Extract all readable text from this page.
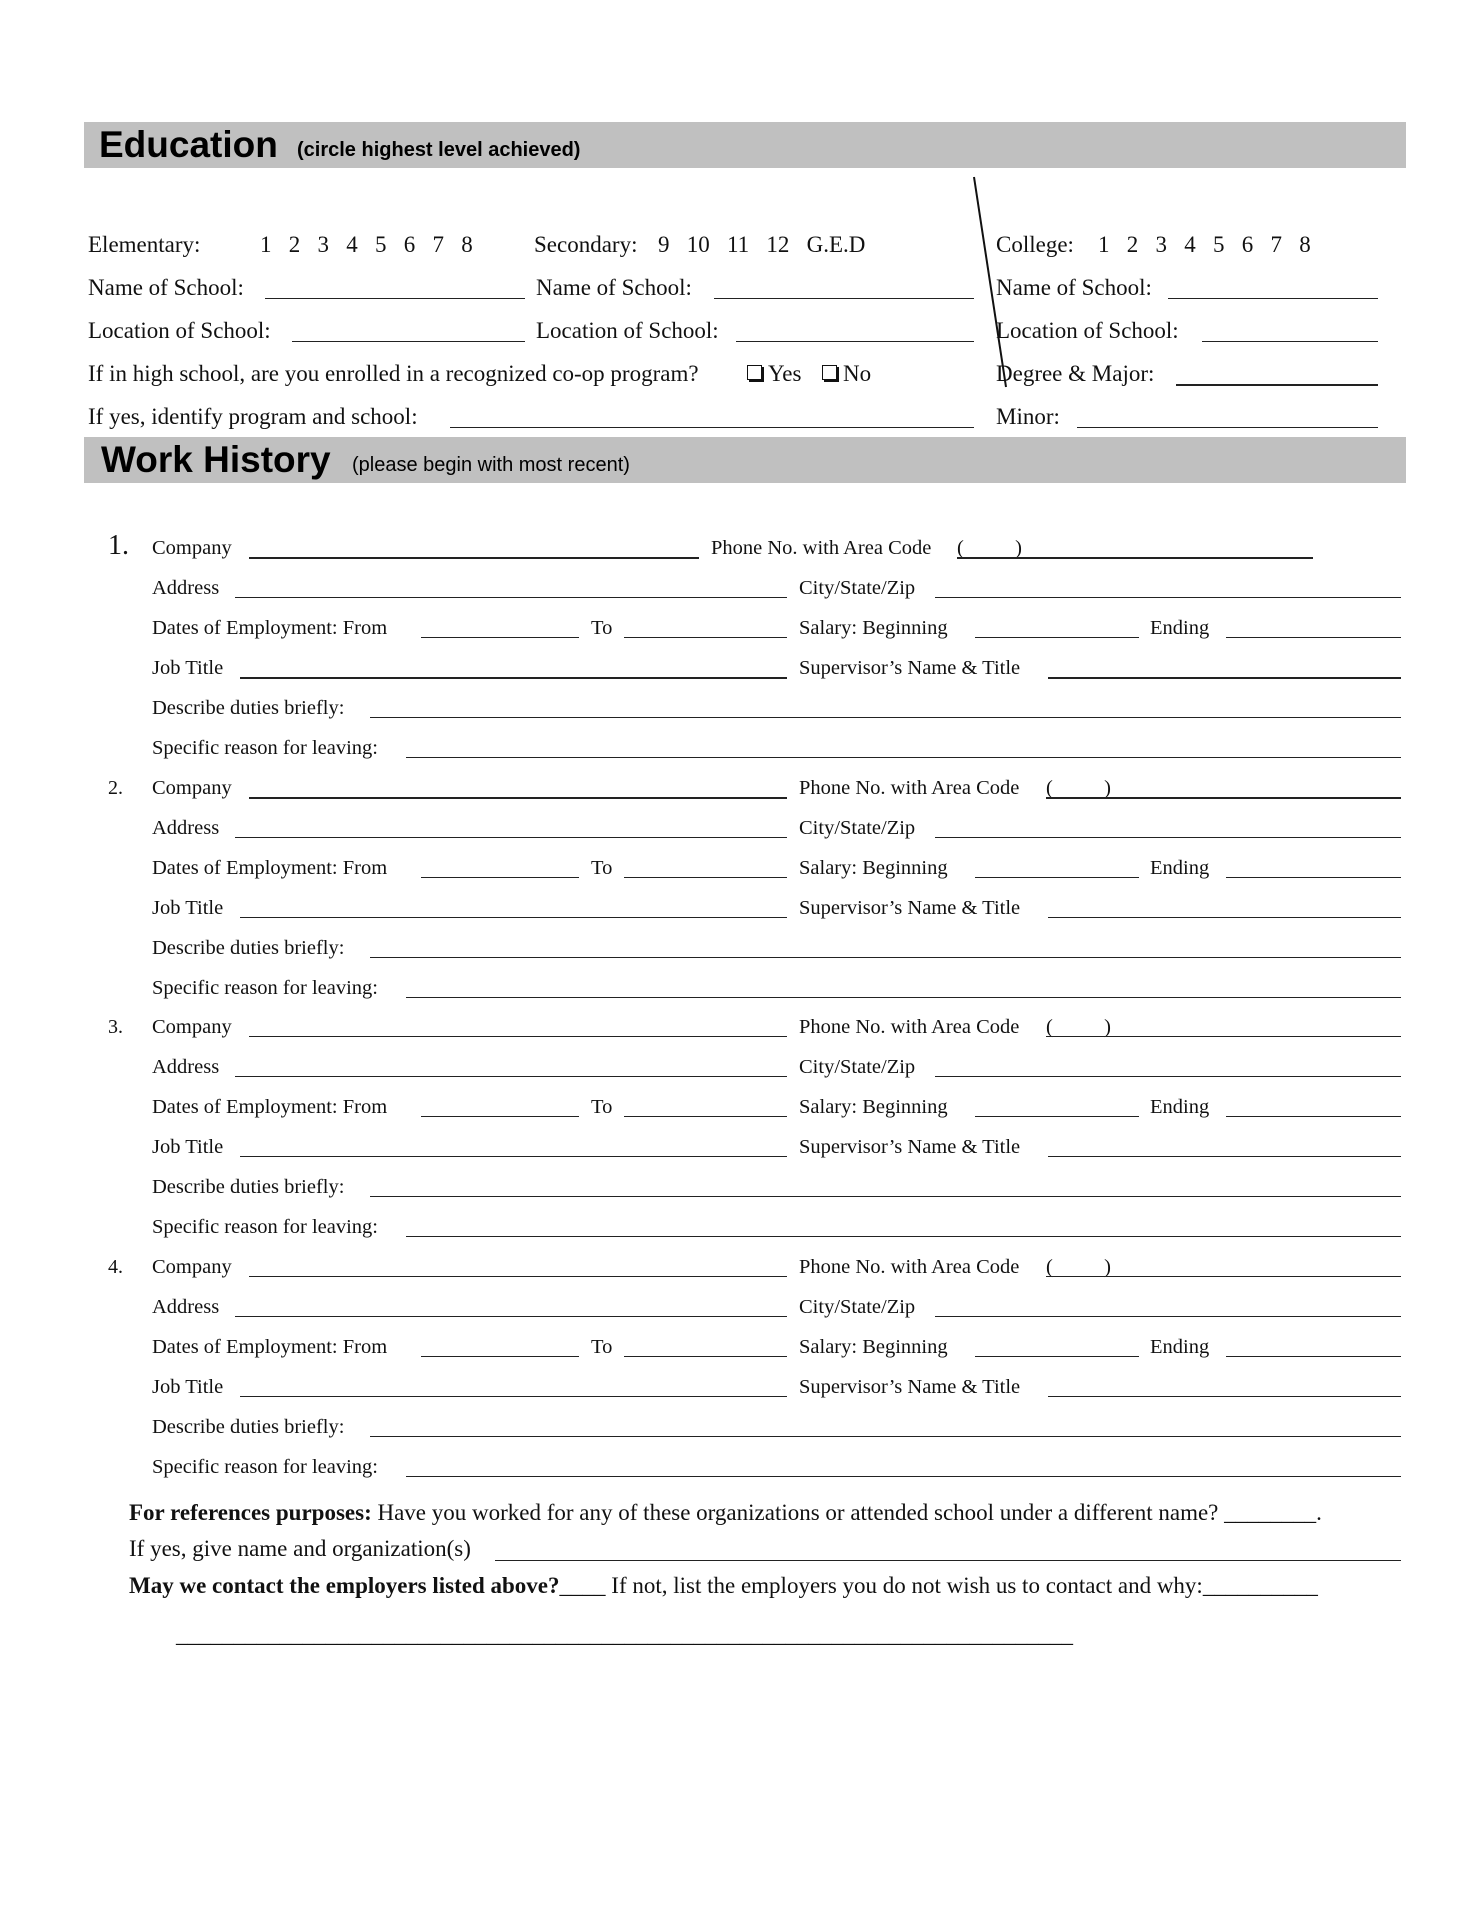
Education (circle highest level achieved)
Elementary:	1   2   3   4   5   6   7   8	Secondary: 9   10   11   12   G.E.D	College: 1   2   3   4   5   6   7   8
Name of School:	Name of School:	Name of School:
Location of School:	Location of School:	Location of School:
If in high school, are you enrolled in a recognized co-op program?	Yes	No	Degree & Major:
If yes, identify program and school:	Minor:
Work History (please begin with most recent)
1. Company	Phone No. with Area Code (          )
Address	City/State/Zip
Dates of Employment: From	To	Salary: Beginning	Ending
Job Title	Supervisor’s Name & Title
Describe duties briefly:
Specific reason for leaving:
2. Company	Phone No. with Area Code (          )
Address	City/State/Zip
Dates of Employment: From	To	Salary: Beginning	Ending
Job Title	Supervisor’s Name & Title
Describe duties briefly:
Specific reason for leaving:
3. Company	Phone No. with Area Code (          )
Address	City/State/Zip
Dates of Employment: From	To	Salary: Beginning	Ending
Job Title	Supervisor’s Name & Title
Describe duties briefly:
Specific reason for leaving:
4. Company	Phone No. with Area Code (          )
Address	City/State/Zip
Dates of Employment: From	To	Salary: Beginning	Ending
Job Title	Supervisor’s Name & Title
Describe duties briefly:
Specific reason for leaving:
For references purposes: Have you worked for any of these organizations or attended school under a different name? ________.
If yes, give name and organization(s)
May we contact the employers listed above?____ If not, list the employers you do not wish us to contact and why:__________
______________________________________________________________________________
